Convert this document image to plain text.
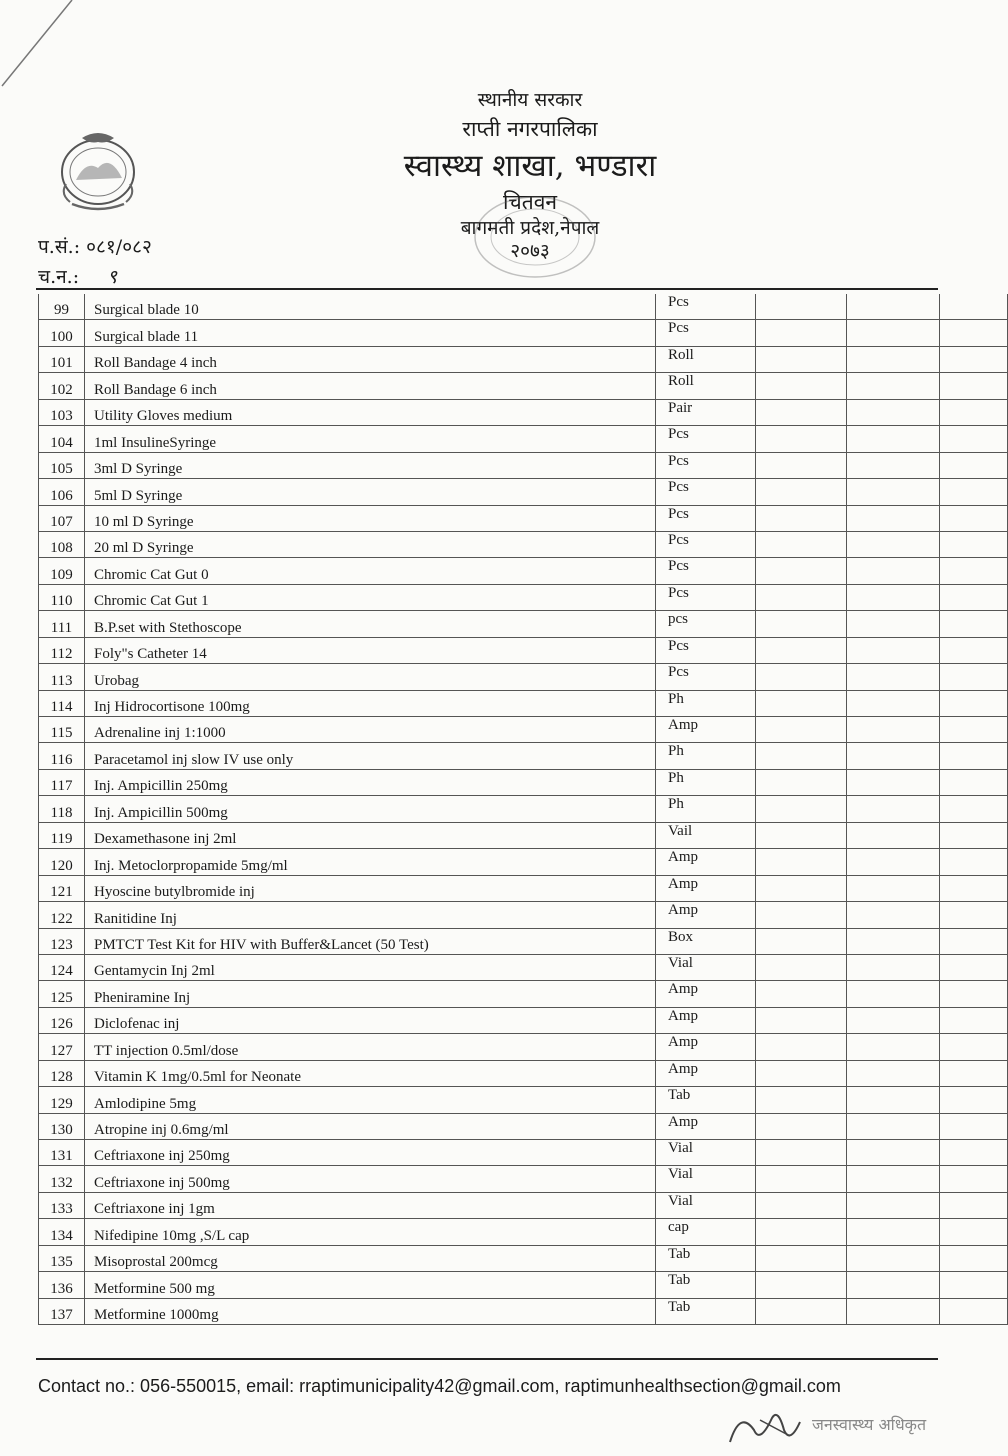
स्थानीय सरकार
राप्ती नगरपालिका
स्वास्थ्य शाखा, भण्डारा
चितवन
बागमती प्रदेश,नेपाल
२०७३
प.सं.: ०८१/०८२
च.न.: ९
99	Surgical blade 10	Pcs			
100	Surgical blade 11	Pcs			
101	Roll Bandage 4 inch	Roll			
102	Roll Bandage 6 inch	Roll			
103	Utility Gloves medium	Pair			
104	1ml InsulineSyringe	Pcs			
105	3ml D Syringe	Pcs			
106	5ml D Syringe	Pcs			
107	10 ml D Syringe	Pcs			
108	20 ml D Syringe	Pcs			
109	Chromic Cat Gut 0	Pcs			
110	Chromic Cat Gut 1	Pcs			
111	B.P.set with Stethoscope	pcs			
112	Foly"s Catheter 14	Pcs			
113	Urobag	Pcs			
114	Inj Hidrocortisone 100mg	Ph			
115	Adrenaline inj 1:1000	Amp			
116	Paracetamol inj slow IV use only	Ph			
117	Inj. Ampicillin 250mg	Ph			
118	Inj. Ampicillin 500mg	Ph			
119	Dexamethasone inj 2ml	Vail			
120	Inj. Metoclorpropamide 5mg/ml	Amp			
121	Hyoscine butylbromide inj	Amp			
122	Ranitidine Inj	Amp			
123	PMTCT Test Kit for HIV with Buffer&Lancet (50 Test)	Box			
124	Gentamycin Inj 2ml	Vial			
125	Pheniramine Inj	Amp			
126	Diclofenac inj	Amp			
127	TT injection 0.5ml/dose	Amp			
128	Vitamin K 1mg/0.5ml for Neonate	Amp			
129	Amlodipine 5mg	Tab			
130	Atropine inj 0.6mg/ml	Amp			
131	Ceftriaxone inj 250mg	Vial			
132	Ceftriaxone inj 500mg	Vial			
133	Ceftriaxone inj 1gm	Vial			
134	Nifedipine 10mg ,S/L cap	cap			
135	Misoprostal 200mcg	Tab			
136	Metformine 500 mg	Tab			
137	Metformine 1000mg	Tab			
Contact no.: 056-550015, email: rraptimunicipality42@gmail.com, raptimunhealthsection@gmail.com
जनस्वास्थ्य अधिकृत
